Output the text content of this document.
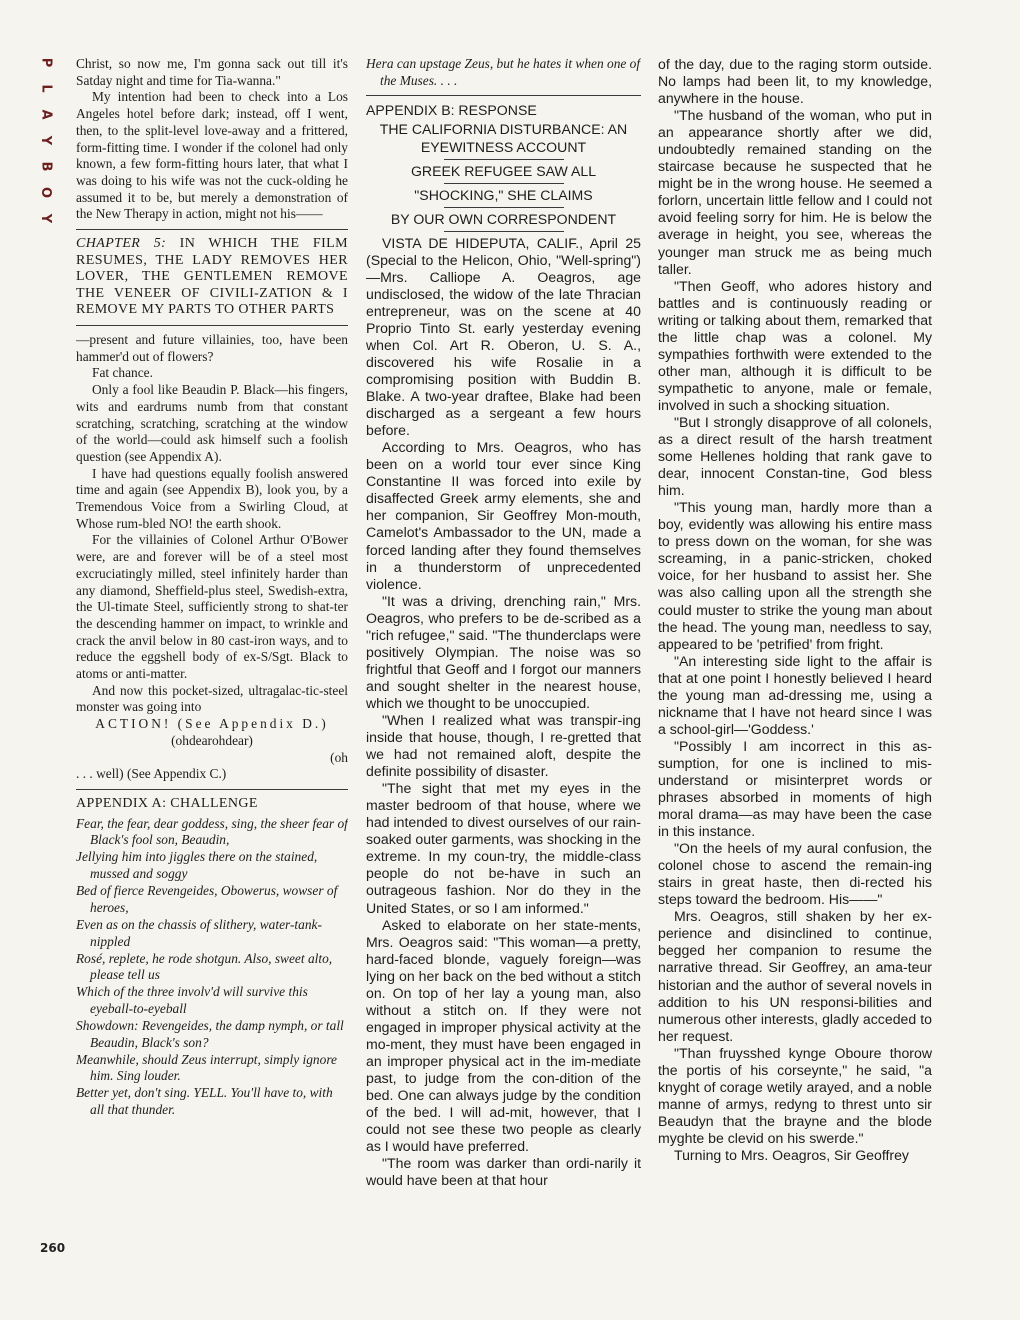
P
L
A
Y
B
O
Y
260

Christ, so now me, I'm gonna sack out till it's Satday night and time for Tia-wanna."

My intention had been to check into a Los Angeles hotel before dark; instead, off I went, then, to the split-level love-away and a frittered, form-fitting time. I wonder if the colonel had only known, a few form-fitting hours later, that what I was doing to his wife was not the cuck-olding he assumed it to be, but merely a demonstration of the New Therapy in action, might not his——

CHAPTER 5: IN WHICH THE FILM RESUMES, THE LADY REMOVES HER LOVER, THE GENTLEMEN REMOVE THE VENEER OF CIVILI-ZATION & I REMOVE MY PARTS TO OTHER PARTS

—present and future villainies, too, have been hammer'd out of flowers?

Fat chance.

Only a fool like Beaudin P. Black—his fingers, wits and eardrums numb from that constant scratching, scratching, scratching at the window of the world—could ask himself such a foolish question (see Appendix A).

I have had questions equally foolish answered time and again (see Appendix B), look you, by a Tremendous Voice from a Swirling Cloud, at Whose rum-bled NO! the earth shook.

For the villainies of Colonel Arthur O'Bower were, are and forever will be of a steel most excruciatingly milled, steel infinitely harder than any diamond, Sheffield-plus steel, Swedish-extra, the Ul-timate Steel, sufficiently strong to shat-ter the descending hammer on impact, to wrinkle and crack the anvil below in 80 cast-iron ways, and to reduce the eggshell body of ex-S/Sgt. Black to atoms or anti-matter.

And now this pocket-sized, ultragalac-tic-steel monster was going into

ACTION! (See Appendix D.)

(ohdearohdear)

(oh

. . . well) (See Appendix C.)

APPENDIX A: CHALLENGE

Fear, the fear, dear goddess, sing, the sheer fear of Black's fool son, Beaudin,

Jellying him into jiggles there on the stained, mussed and soggy

Bed of fierce Revengeides, Obowerus, wowser of heroes,

Even as on the chassis of slithery, water-tank-nippled

Rosé, replete, he rode shotgun. Also, sweet alto, please tell us

Which of the three involv'd will survive this eyeball-to-eyeball

Showdown: Revengeides, the damp nymph, or tall Beaudin, Black's son?

Meanwhile, should Zeus interrupt, simply ignore him. Sing louder.

Better yet, don't sing. YELL. You'll have to, with all that thunder.

Hera can upstage Zeus, but he hates it when one of the Muses. . . .

APPENDIX B: RESPONSE

THE CALIFORNIA DISTURBANCE: AN EYEWITNESS ACCOUNT

GREEK REFUGEE SAW ALL

"SHOCKING," SHE CLAIMS

BY OUR OWN CORRESPONDENT

VISTA DE HIDEPUTA, CALIF., April 25 (Special to the Helicon, Ohio, "Well-spring")—Mrs. Calliope A. Oeagros, age undisclosed, the widow of the late Thracian entrepreneur, was on the scene at 40 Proprio Tinto St. early yesterday evening when Col. Art R. Oberon, U. S. A., discovered his wife Rosalie in a compromising position with Buddin B. Blake. A two-year draftee, Blake had been discharged as a sergeant a few hours before.

According to Mrs. Oeagros, who has been on a world tour ever since King Constantine II was forced into exile by disaffected Greek army elements, she and her companion, Sir Geoffrey Mon-mouth, Camelot's Ambassador to the UN, made a forced landing after they found themselves in a thunderstorm of unprecedented violence.

"It was a driving, drenching rain," Mrs. Oeagros, who prefers to be de-scribed as a "rich refugee," said. "The thunderclaps were positively Olympian. The noise was so frightful that Geoff and I forgot our manners and sought shelter in the nearest house, which we thought to be unoccupied.

"When I realized what was transpir-ing inside that house, though, I re-gretted that we had not remained aloft, despite the definite possibility of disaster.

"The sight that met my eyes in the master bedroom of that house, where we had intended to divest ourselves of our rain-soaked outer garments, was shocking in the extreme. In my coun-try, the middle-class people do not be-have in such an outrageous fashion. Nor do they in the United States, or so I am informed."

Asked to elaborate on her state-ments, Mrs. Oeagros said: "This woman—a pretty, hard-faced blonde, vaguely foreign—was lying on her back on the bed without a stitch on. On top of her lay a young man, also without a stitch on. If they were not engaged in improper physical activity at the mo-ment, they must have been engaged in an improper physical act in the im-mediate past, to judge from the con-dition of the bed. One can always judge by the condition of the bed. I will ad-mit, however, that I could not see these two people as clearly as I would have preferred.

"The room was darker than ordi-narily it would have been at that hour

of the day, due to the raging storm outside. No lamps had been lit, to my knowledge, anywhere in the house.

"The husband of the woman, who put in an appearance shortly after we did, undoubtedly remained standing on the staircase because he suspected that he might be in the wrong house. He seemed a forlorn, uncertain little fellow and I could not avoid feeling sorry for him. He is below the average in height, you see, whereas the younger man struck me as being much taller.

"Then Geoff, who adores history and battles and is continuously reading or writing or talking about them, remarked that the little chap was a colonel. My sympathies forthwith were extended to the other man, although it is difficult to be sympathetic to anyone, male or female, involved in such a shocking situation.

"But I strongly disapprove of all colonels, as a direct result of the harsh treatment some Hellenes holding that rank gave to dear, innocent Constan-tine, God bless him.

"This young man, hardly more than a boy, evidently was allowing his entire mass to press down on the woman, for she was screaming, in a panic-stricken, choked voice, for her husband to assist her. She was also calling upon all the strength she could muster to strike the young man about the head. The young man, needless to say, appeared to be 'petrified' from fright.

"An interesting side light to the affair is that at one point I honestly believed I heard the young man ad-dressing me, using a nickname that I have not heard since I was a school-girl—'Goddess.'

"Possibly I am incorrect in this as-sumption, for one is inclined to mis-understand or misinterpret words or phrases absorbed in moments of high moral drama—as may have been the case in this instance.

"On the heels of my aural confusion, the colonel chose to ascend the remain-ing stairs in great haste, then di-rected his steps toward the bedroom. His——"

Mrs. Oeagros, still shaken by her ex-perience and disinclined to continue, begged her companion to resume the narrative thread. Sir Geoffrey, an ama-teur historian and the author of several novels in addition to his UN responsi-bilities and numerous other interests, gladly acceded to her request.

"Than fruysshed kynge Oboure thorow the portis of his corseynte," he said, "a knyght of corage wetily arayed, and a noble manne of armys, redyng to threst unto sir Beaudyn that the brayne and the blode myghte be clevid on his swerde."

Turning to Mrs. Oeagros, Sir Geoffrey
